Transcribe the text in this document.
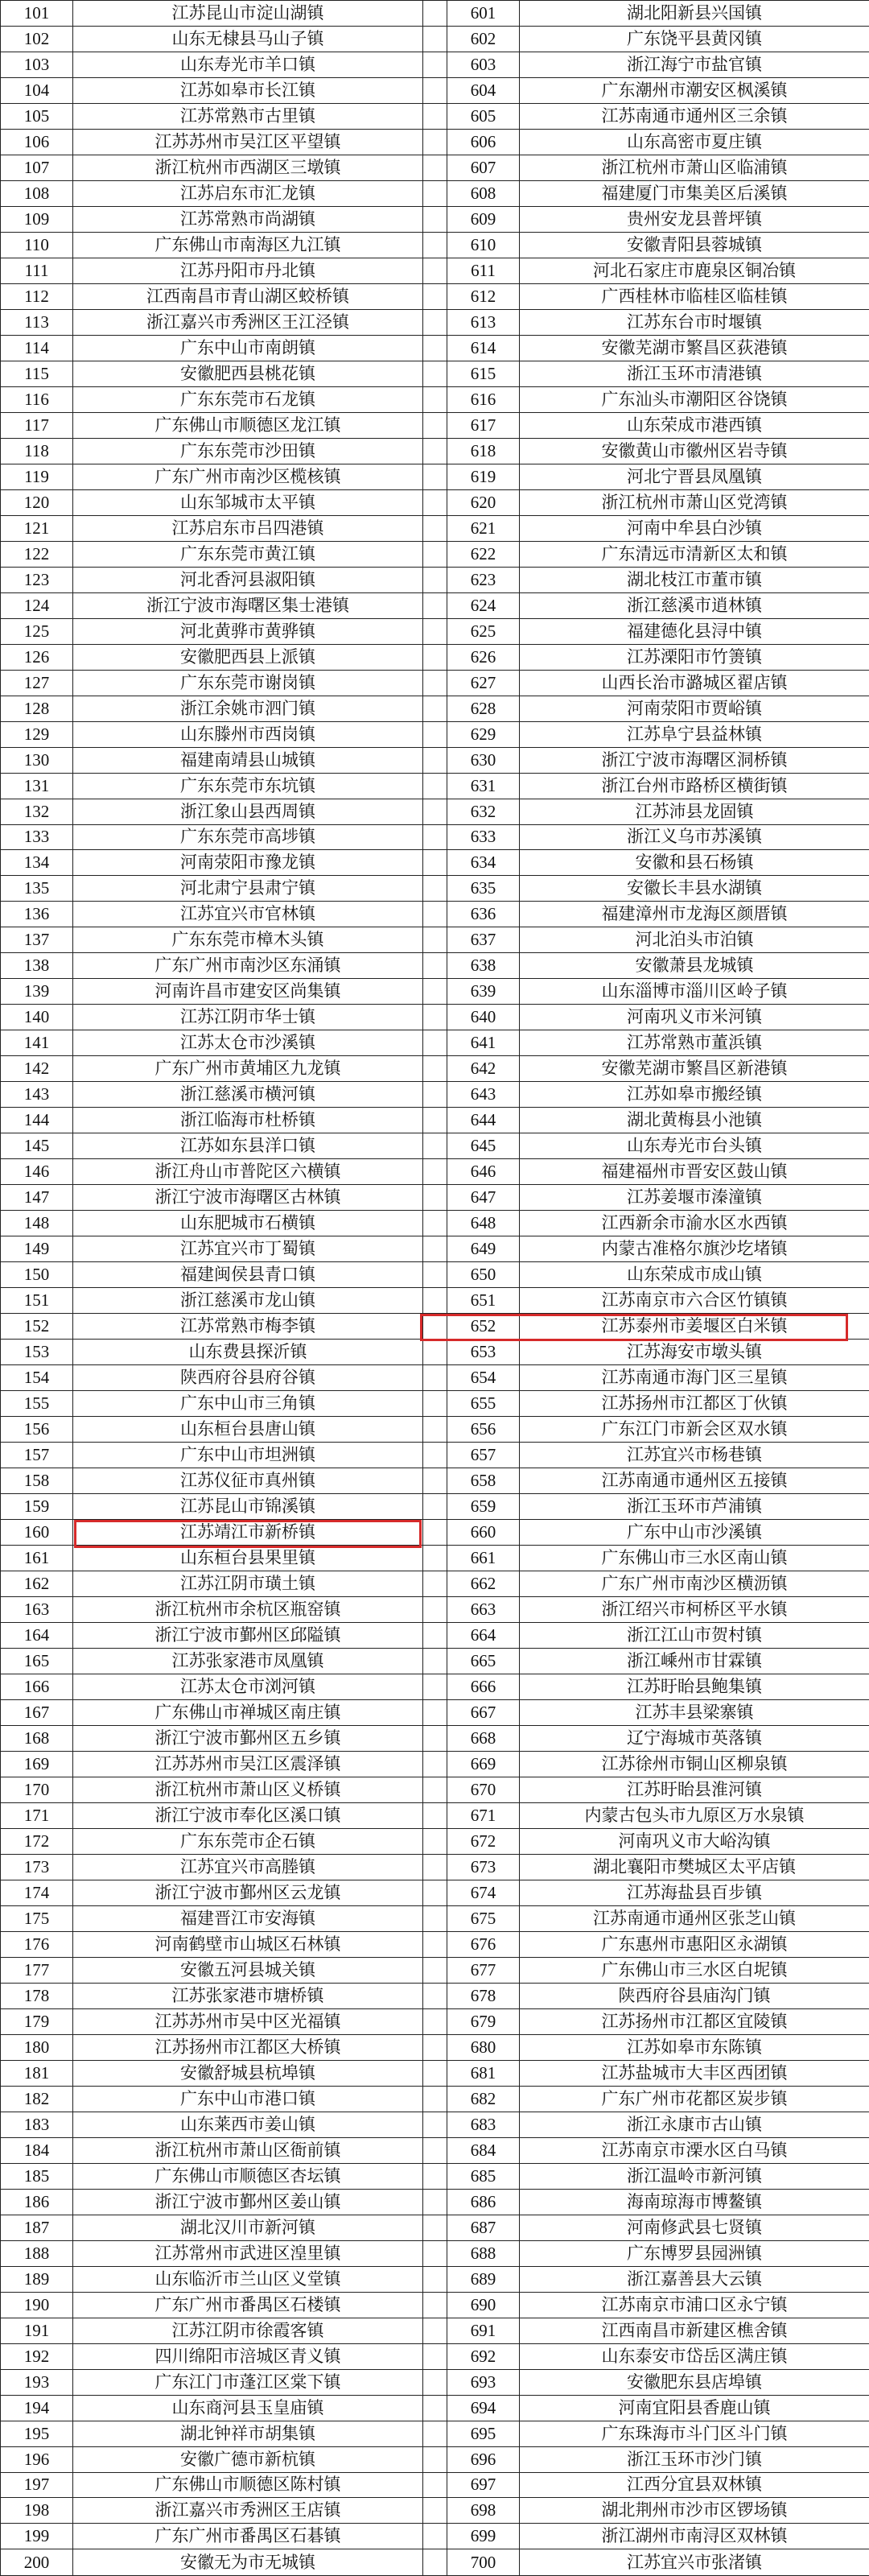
101	江苏昆山市淀山湖镇		601	湖北阳新县兴国镇
102	山东无棣县马山子镇		602	广东饶平县黄冈镇
103	山东寿光市羊口镇		603	浙江海宁市盐官镇
104	江苏如皋市长江镇		604	广东潮州市潮安区枫溪镇
105	江苏常熟市古里镇		605	江苏南通市通州区三余镇
106	江苏苏州市吴江区平望镇		606	山东高密市夏庄镇
107	浙江杭州市西湖区三墩镇		607	浙江杭州市萧山区临浦镇
108	江苏启东市汇龙镇		608	福建厦门市集美区后溪镇
109	江苏常熟市尚湖镇		609	贵州安龙县普坪镇
110	广东佛山市南海区九江镇		610	安徽青阳县蓉城镇
111	江苏丹阳市丹北镇		611	河北石家庄市鹿泉区铜冶镇
112	江西南昌市青山湖区蛟桥镇		612	广西桂林市临桂区临桂镇
113	浙江嘉兴市秀洲区王江泾镇		613	江苏东台市时堰镇
114	广东中山市南朗镇		614	安徽芜湖市繁昌区荻港镇
115	安徽肥西县桃花镇		615	浙江玉环市清港镇
116	广东东莞市石龙镇		616	广东汕头市潮阳区谷饶镇
117	广东佛山市顺德区龙江镇		617	山东荣成市港西镇
118	广东东莞市沙田镇		618	安徽黄山市徽州区岩寺镇
119	广东广州市南沙区榄核镇		619	河北宁晋县凤凰镇
120	山东邹城市太平镇		620	浙江杭州市萧山区党湾镇
121	江苏启东市吕四港镇		621	河南中牟县白沙镇
122	广东东莞市黄江镇		622	广东清远市清新区太和镇
123	河北香河县淑阳镇		623	湖北枝江市董市镇
124	浙江宁波市海曙区集士港镇		624	浙江慈溪市逍林镇
125	河北黄骅市黄骅镇		625	福建德化县浔中镇
126	安徽肥西县上派镇		626	江苏溧阳市竹箦镇
127	广东东莞市谢岗镇		627	山西长治市潞城区翟店镇
128	浙江余姚市泗门镇		628	河南荥阳市贾峪镇
129	山东滕州市西岗镇		629	江苏阜宁县益林镇
130	福建南靖县山城镇		630	浙江宁波市海曙区洞桥镇
131	广东东莞市东坑镇		631	浙江台州市路桥区横街镇
132	浙江象山县西周镇		632	江苏沛县龙固镇
133	广东东莞市高埗镇		633	浙江义乌市苏溪镇
134	河南荥阳市豫龙镇		634	安徽和县石杨镇
135	河北肃宁县肃宁镇		635	安徽长丰县水湖镇
136	江苏宜兴市官林镇		636	福建漳州市龙海区颜厝镇
137	广东东莞市樟木头镇		637	河北泊头市泊镇
138	广东广州市南沙区东涌镇		638	安徽萧县龙城镇
139	河南许昌市建安区尚集镇		639	山东淄博市淄川区岭子镇
140	江苏江阴市华士镇		640	河南巩义市米河镇
141	江苏太仓市沙溪镇		641	江苏常熟市董浜镇
142	广东广州市黄埔区九龙镇		642	安徽芜湖市繁昌区新港镇
143	浙江慈溪市横河镇		643	江苏如皋市搬经镇
144	浙江临海市杜桥镇		644	湖北黄梅县小池镇
145	江苏如东县洋口镇		645	山东寿光市台头镇
146	浙江舟山市普陀区六横镇		646	福建福州市晋安区鼓山镇
147	浙江宁波市海曙区古林镇		647	江苏姜堰市溱潼镇
148	山东肥城市石横镇		648	江西新余市渝水区水西镇
149	江苏宜兴市丁蜀镇		649	内蒙古准格尔旗沙圪堵镇
150	福建闽侯县青口镇		650	山东荣成市成山镇
151	浙江慈溪市龙山镇		651	江苏南京市六合区竹镇镇
152	江苏常熟市梅李镇		652	江苏泰州市姜堰区白米镇
153	山东费县探沂镇		653	江苏海安市墩头镇
154	陕西府谷县府谷镇		654	江苏南通市海门区三星镇
155	广东中山市三角镇		655	江苏扬州市江都区丁伙镇
156	山东桓台县唐山镇		656	广东江门市新会区双水镇
157	广东中山市坦洲镇		657	江苏宜兴市杨巷镇
158	江苏仪征市真州镇		658	江苏南通市通州区五接镇
159	江苏昆山市锦溪镇		659	浙江玉环市芦浦镇
160	江苏靖江市新桥镇		660	广东中山市沙溪镇
161	山东桓台县果里镇		661	广东佛山市三水区南山镇
162	江苏江阴市璜土镇		662	广东广州市南沙区横沥镇
163	浙江杭州市余杭区瓶窑镇		663	浙江绍兴市柯桥区平水镇
164	浙江宁波市鄞州区邱隘镇		664	浙江江山市贺村镇
165	江苏张家港市凤凰镇		665	浙江嵊州市甘霖镇
166	江苏太仓市浏河镇		666	江苏盱眙县鲍集镇
167	广东佛山市禅城区南庄镇		667	江苏丰县梁寨镇
168	浙江宁波市鄞州区五乡镇		668	辽宁海城市英落镇
169	江苏苏州市吴江区震泽镇		669	江苏徐州市铜山区柳泉镇
170	浙江杭州市萧山区义桥镇		670	江苏盱眙县淮河镇
171	浙江宁波市奉化区溪口镇		671	内蒙古包头市九原区万水泉镇
172	广东东莞市企石镇		672	河南巩义市大峪沟镇
173	江苏宜兴市高塍镇		673	湖北襄阳市樊城区太平店镇
174	浙江宁波市鄞州区云龙镇		674	江苏海盐县百步镇
175	福建晋江市安海镇		675	江苏南通市通州区张芝山镇
176	河南鹤壁市山城区石林镇		676	广东惠州市惠阳区永湖镇
177	安徽五河县城关镇		677	广东佛山市三水区白坭镇
178	江苏张家港市塘桥镇		678	陕西府谷县庙沟门镇
179	江苏苏州市吴中区光福镇		679	江苏扬州市江都区宜陵镇
180	江苏扬州市江都区大桥镇		680	江苏如皋市东陈镇
181	安徽舒城县杭埠镇		681	江苏盐城市大丰区西团镇
182	广东中山市港口镇		682	广东广州市花都区炭步镇
183	山东莱西市姜山镇		683	浙江永康市古山镇
184	浙江杭州市萧山区衙前镇		684	江苏南京市溧水区白马镇
185	广东佛山市顺德区杏坛镇		685	浙江温岭市新河镇
186	浙江宁波市鄞州区姜山镇		686	海南琼海市博鳌镇
187	湖北汉川市新河镇		687	河南修武县七贤镇
188	江苏常州市武进区湟里镇		688	广东博罗县园洲镇
189	山东临沂市兰山区义堂镇		689	浙江嘉善县大云镇
190	广东广州市番禺区石楼镇		690	江苏南京市浦口区永宁镇
191	江苏江阴市徐霞客镇		691	江西南昌市新建区樵舍镇
192	四川绵阳市涪城区青义镇		692	山东泰安市岱岳区满庄镇
193	广东江门市蓬江区棠下镇		693	安徽肥东县店埠镇
194	山东商河县玉皇庙镇		694	河南宜阳县香鹿山镇
195	湖北钟祥市胡集镇		695	广东珠海市斗门区斗门镇
196	安徽广德市新杭镇		696	浙江玉环市沙门镇
197	广东佛山市顺德区陈村镇		697	江西分宜县双林镇
198	浙江嘉兴市秀洲区王店镇		698	湖北荆州市沙市区锣场镇
199	广东广州市番禺区石碁镇		699	浙江湖州市南浔区双林镇
200	安徽无为市无城镇		700	江苏宜兴市张渚镇
